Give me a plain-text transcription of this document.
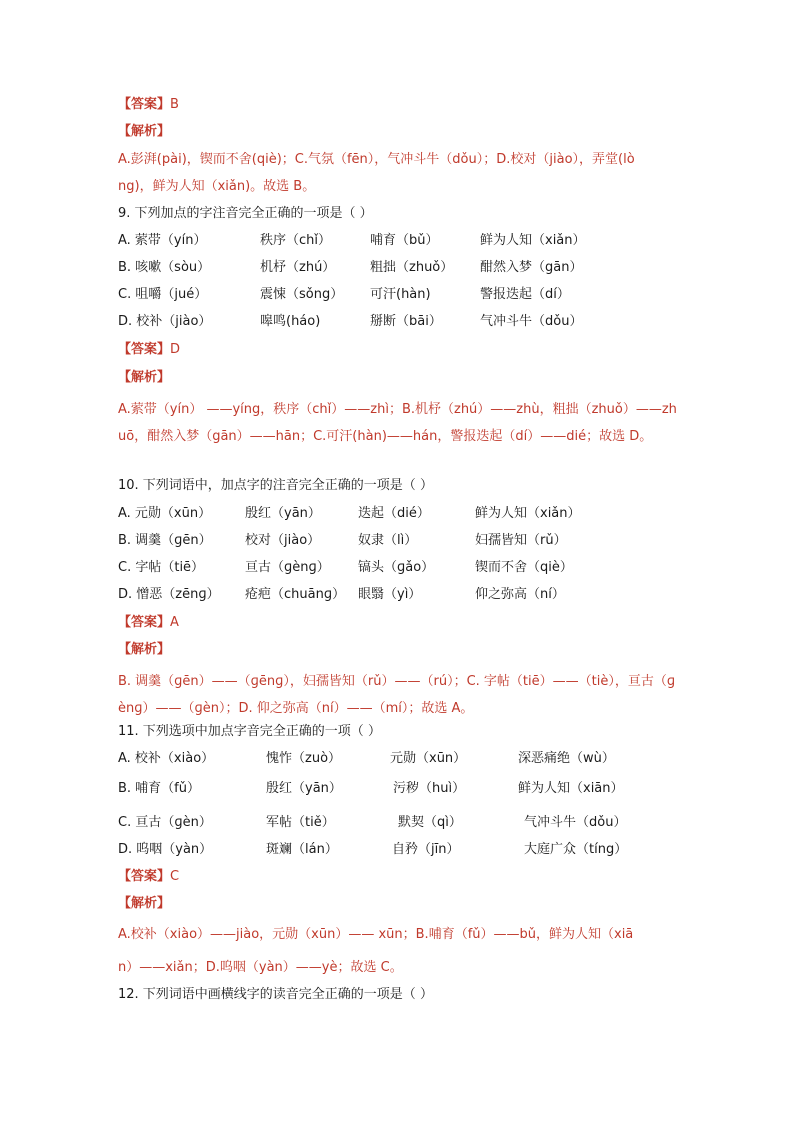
【答案】B
【解析】
A.彭湃(pài)，锲而不舍(qiè)；C.气氛（fēn），气冲斗牛（dǒu）；D.校对（jiào），弄堂(lò
ng)，鲜为人知（xiǎn)。故选 B。
9. 下列加点的字注音完全正确的一项是（ ）
A. 萦带（yín）	秩序（chǐ）	哺育（bǔ）	鲜为人知（xiǎn）
B. 咳嗽（sòu）	机杼（zhú）	粗拙（zhuǒ） 酣然入梦（gān）
C. 咀嚼（jué）	震悚（sǒng） 可汗(hàn)	警报迭起（dí）
D. 校补（jiào）	嗥鸣(háo)	掰断（bāi）	气冲斗牛（dǒu）
【答案】D
【解析】
A.萦带（yín） ——yíng，秩序（chǐ）——zhì；B.机杼（zhú）——zhù，粗拙（zhuǒ）——zhuō，酣然入梦（gān）——hān；C.可汗(hàn)——hán，警报迭起（dí）——dié；故选 D。
10. 下列词语中，加点字的注音完全正确的一项是（ ）
A. 元勋（xūn）	殷红（yān）	迭起（dié）	鲜为人知（xiǎn）
B. 调羹（ɡēn）	校对（jiào）	奴隶（lì）	妇孺皆知（rǔ）
C. 字帖（tiē）	亘古（ɡènɡ） 镐头（ɡǎo）	锲而不舍（qiè）
D. 憎恶（zēnɡ） 疮疤（chuānɡ） 眼翳（yì）	仰之弥高（ní）
【答案】A
【解析】
B. 调羹（ɡēn）——（ɡēnɡ），妇孺皆知（rǔ）——（rú）；C. 字帖（tiē）——（tiè），亘古（ɡènɡ）——（ɡèn）；D. 仰之弥高（ní）——（mí）；故选 A。
11. 下列选项中加点字音完全正确的一项（ ）
A. 校补（xiào）	愧怍（zuò）	元勋（xūn）	深恶痛绝（wù）
B. 哺育（fǔ）	殷红（yān）	污秽（huì）	鲜为人知（xiān）
C. 亘古（ɡèn）	军帖（tiě）	默契（qì）	气冲斗牛（dǒu）
D. 呜咽（yàn）	斑斓（lán）	自矜（jīn）	大庭广众（tíng）
【答案】C
【解析】
A.校补（xiào）——jiào，元勋（xūn）—— xūn；B.哺育（fǔ）——bǔ，鲜为人知（xiā
n）——xiǎn；D.呜咽（yàn）——yè；故选 C。
12. 下列词语中画横线字的读音完全正确的一项是（ ）
